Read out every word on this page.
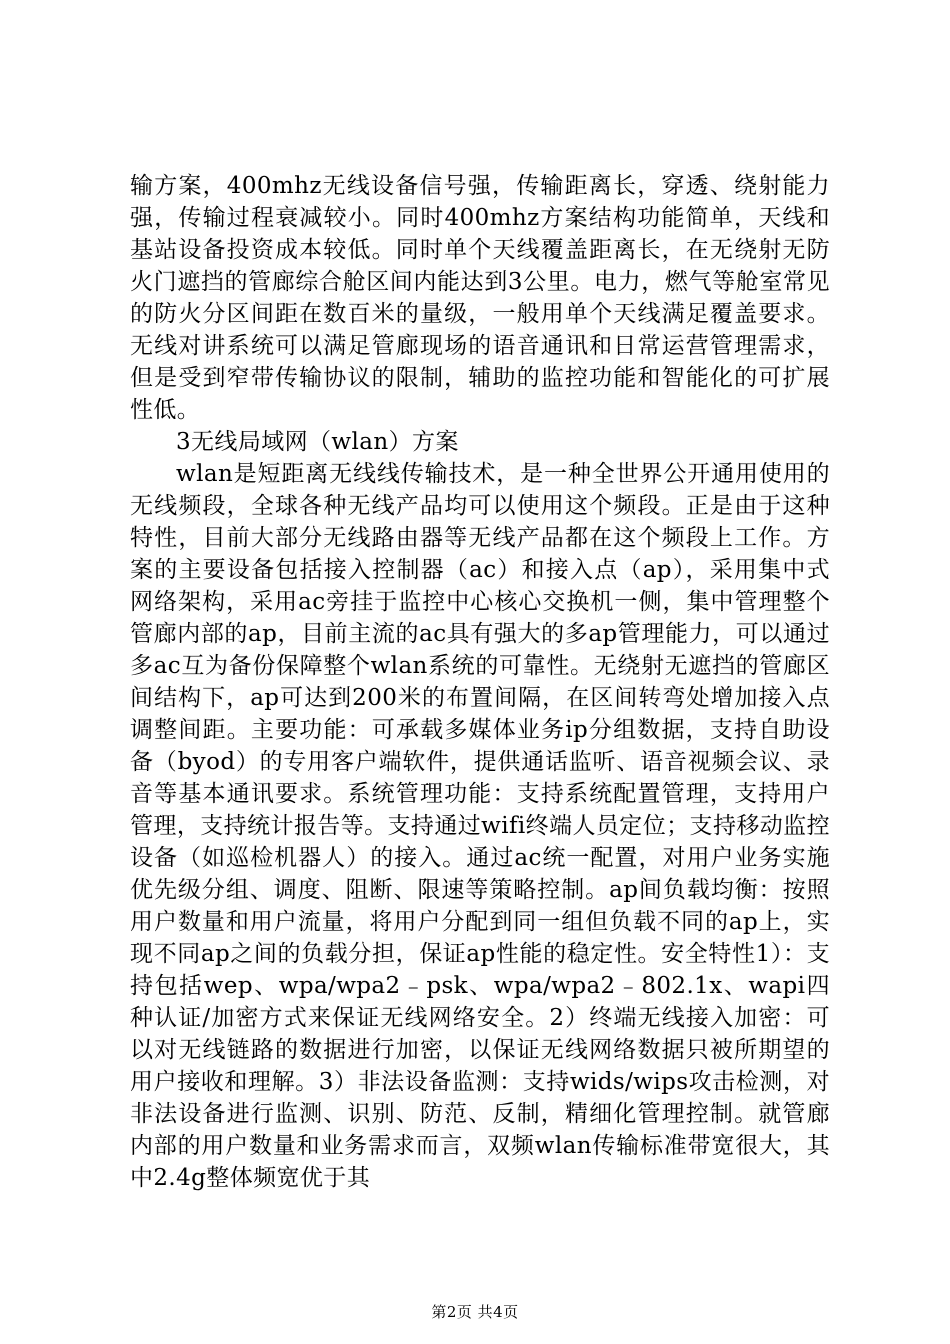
输方案，400mhz无线设备信号强，传输距离长，穿透、绕射能力强，传输过程衰减较小。同时400mhz方案结构功能简单，天线和基站设备投资成本较低。同时单个天线覆盖距离长，在无绕射无防火门遮挡的管廊综合舱区间内能达到3公里。电力，燃气等舱室常见的防火分区间距在数百米的量级，一般用单个天线满足覆盖要求。无线对讲系统可以满足管廊现场的语音通讯和日常运营管理需求，但是受到窄带传输协议的限制，辅助的监控功能和智能化的可扩展性低。

3无线局域网（wlan）方案

wlan是短距离无线线传输技术，是一种全世界公开通用使用的无线频段，全球各种无线产品均可以使用这个频段。正是由于这种特性，目前大部分无线路由器等无线产品都在这个频段上工作。方案的主要设备包括接入控制器（ac）和接入点（ap），采用集中式网络架构，采用ac旁挂于监控中心核心交换机一侧，集中管理整个管廊内部的ap，目前主流的ac具有强大的多ap管理能力，可以通过多ac互为备份保障整个wlan系统的可靠性。无绕射无遮挡的管廊区间结构下，ap可达到200米的布置间隔，在区间转弯处增加接入点调整间距。主要功能：可承载多媒体业务ip分组数据，支持自助设备（byod）的专用客户端软件，提供通话监听、语音视频会议、录音等基本通讯要求。系统管理功能：支持系统配置管理，支持用户管理，支持统计报告等。支持通过wifi终端人员定位；支持移动监控设备（如巡检机器人）的接入。通过ac统一配置，对用户业务实施优先级分组、调度、阻断、限速等策略控制。ap间负载均衡：按照用户数量和用户流量，将用户分配到同一组但负载不同的ap上，实现不同ap之间的负载分担，保证ap性能的稳定性。安全特性1）：支持包括wep、wpa/wpa2﹣psk、wpa/wpa2﹣802.1x、wapi四种认证/加密方式来保证无线网络安全。2）终端无线接入加密：可以对无线链路的数据进行加密，以保证无线网络数据只被所期望的用户接收和理解。3）非法设备监测：支持wids/wips攻击检测，对非法设备进行监测、识别、防范、反制，精细化管理控制。就管廊内部的用户数量和业务需求而言，双频wlan传输标准带宽很大，其中2.4g整体频宽优于其

第2页 共4页
